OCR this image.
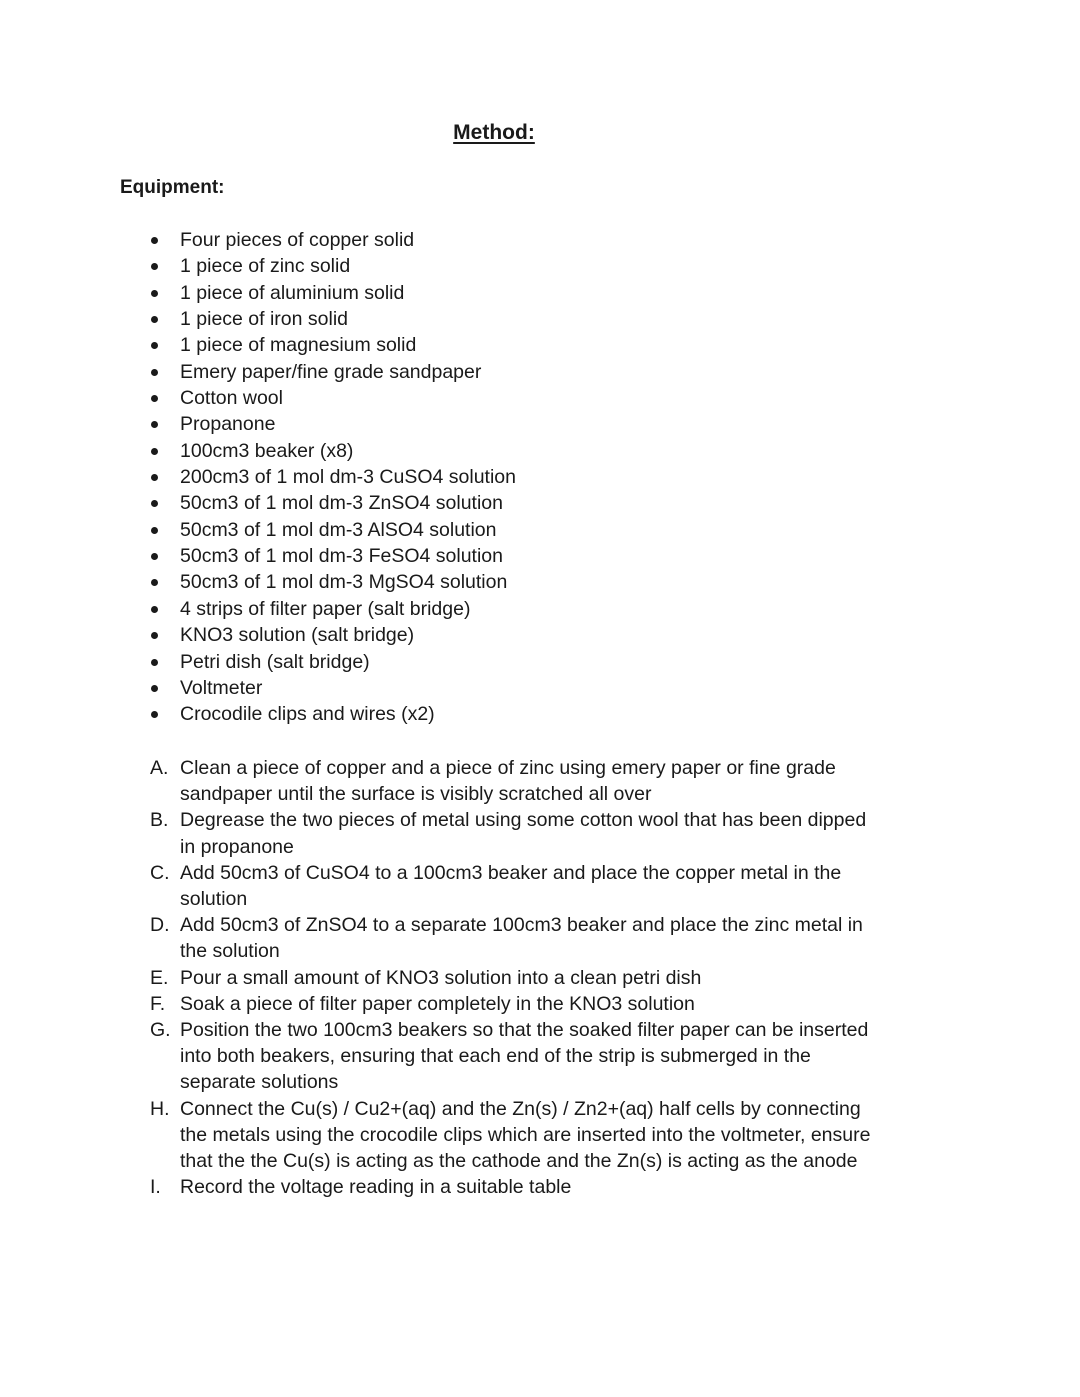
Method:
Equipment:
Four pieces of copper solid
1 piece of zinc solid
1 piece of aluminium solid
1 piece of iron solid
1 piece of magnesium solid
Emery paper/fine grade sandpaper
Cotton wool
Propanone
100cm3 beaker (x8)
200cm3 of 1 mol dm-3 CuSO4 solution
50cm3 of 1 mol dm-3 ZnSO4 solution
50cm3 of 1 mol dm-3 AlSO4 solution
50cm3 of 1 mol dm-3 FeSO4 solution
50cm3 of 1 mol dm-3 MgSO4 solution
4 strips of filter paper (salt bridge)
KNO3 solution (salt bridge)
Petri dish (salt bridge)
Voltmeter
Crocodile clips and wires (x2)
A. Clean a piece of copper and a piece of zinc using emery paper or fine grade sandpaper until the surface is visibly scratched all over
B. Degrease the two pieces of metal using some cotton wool that has been dipped in propanone
C. Add 50cm3 of CuSO4 to a 100cm3 beaker and place the copper metal in the solution
D. Add 50cm3 of ZnSO4 to a separate 100cm3 beaker and place the zinc metal in the solution
E. Pour a small amount of KNO3 solution into a clean petri dish
F. Soak a piece of filter paper completely in the KNO3 solution
G. Position the two 100cm3 beakers so that the soaked filter paper can be inserted into both beakers, ensuring that each end of the strip is submerged in the separate solutions
H. Connect the Cu(s) / Cu2+(aq) and the Zn(s) / Zn2+(aq) half cells by connecting the metals using the crocodile clips which are inserted into the voltmeter, ensure that the the Cu(s) is acting as the cathode and the Zn(s) is acting as the anode
I. Record the voltage reading in a suitable table
